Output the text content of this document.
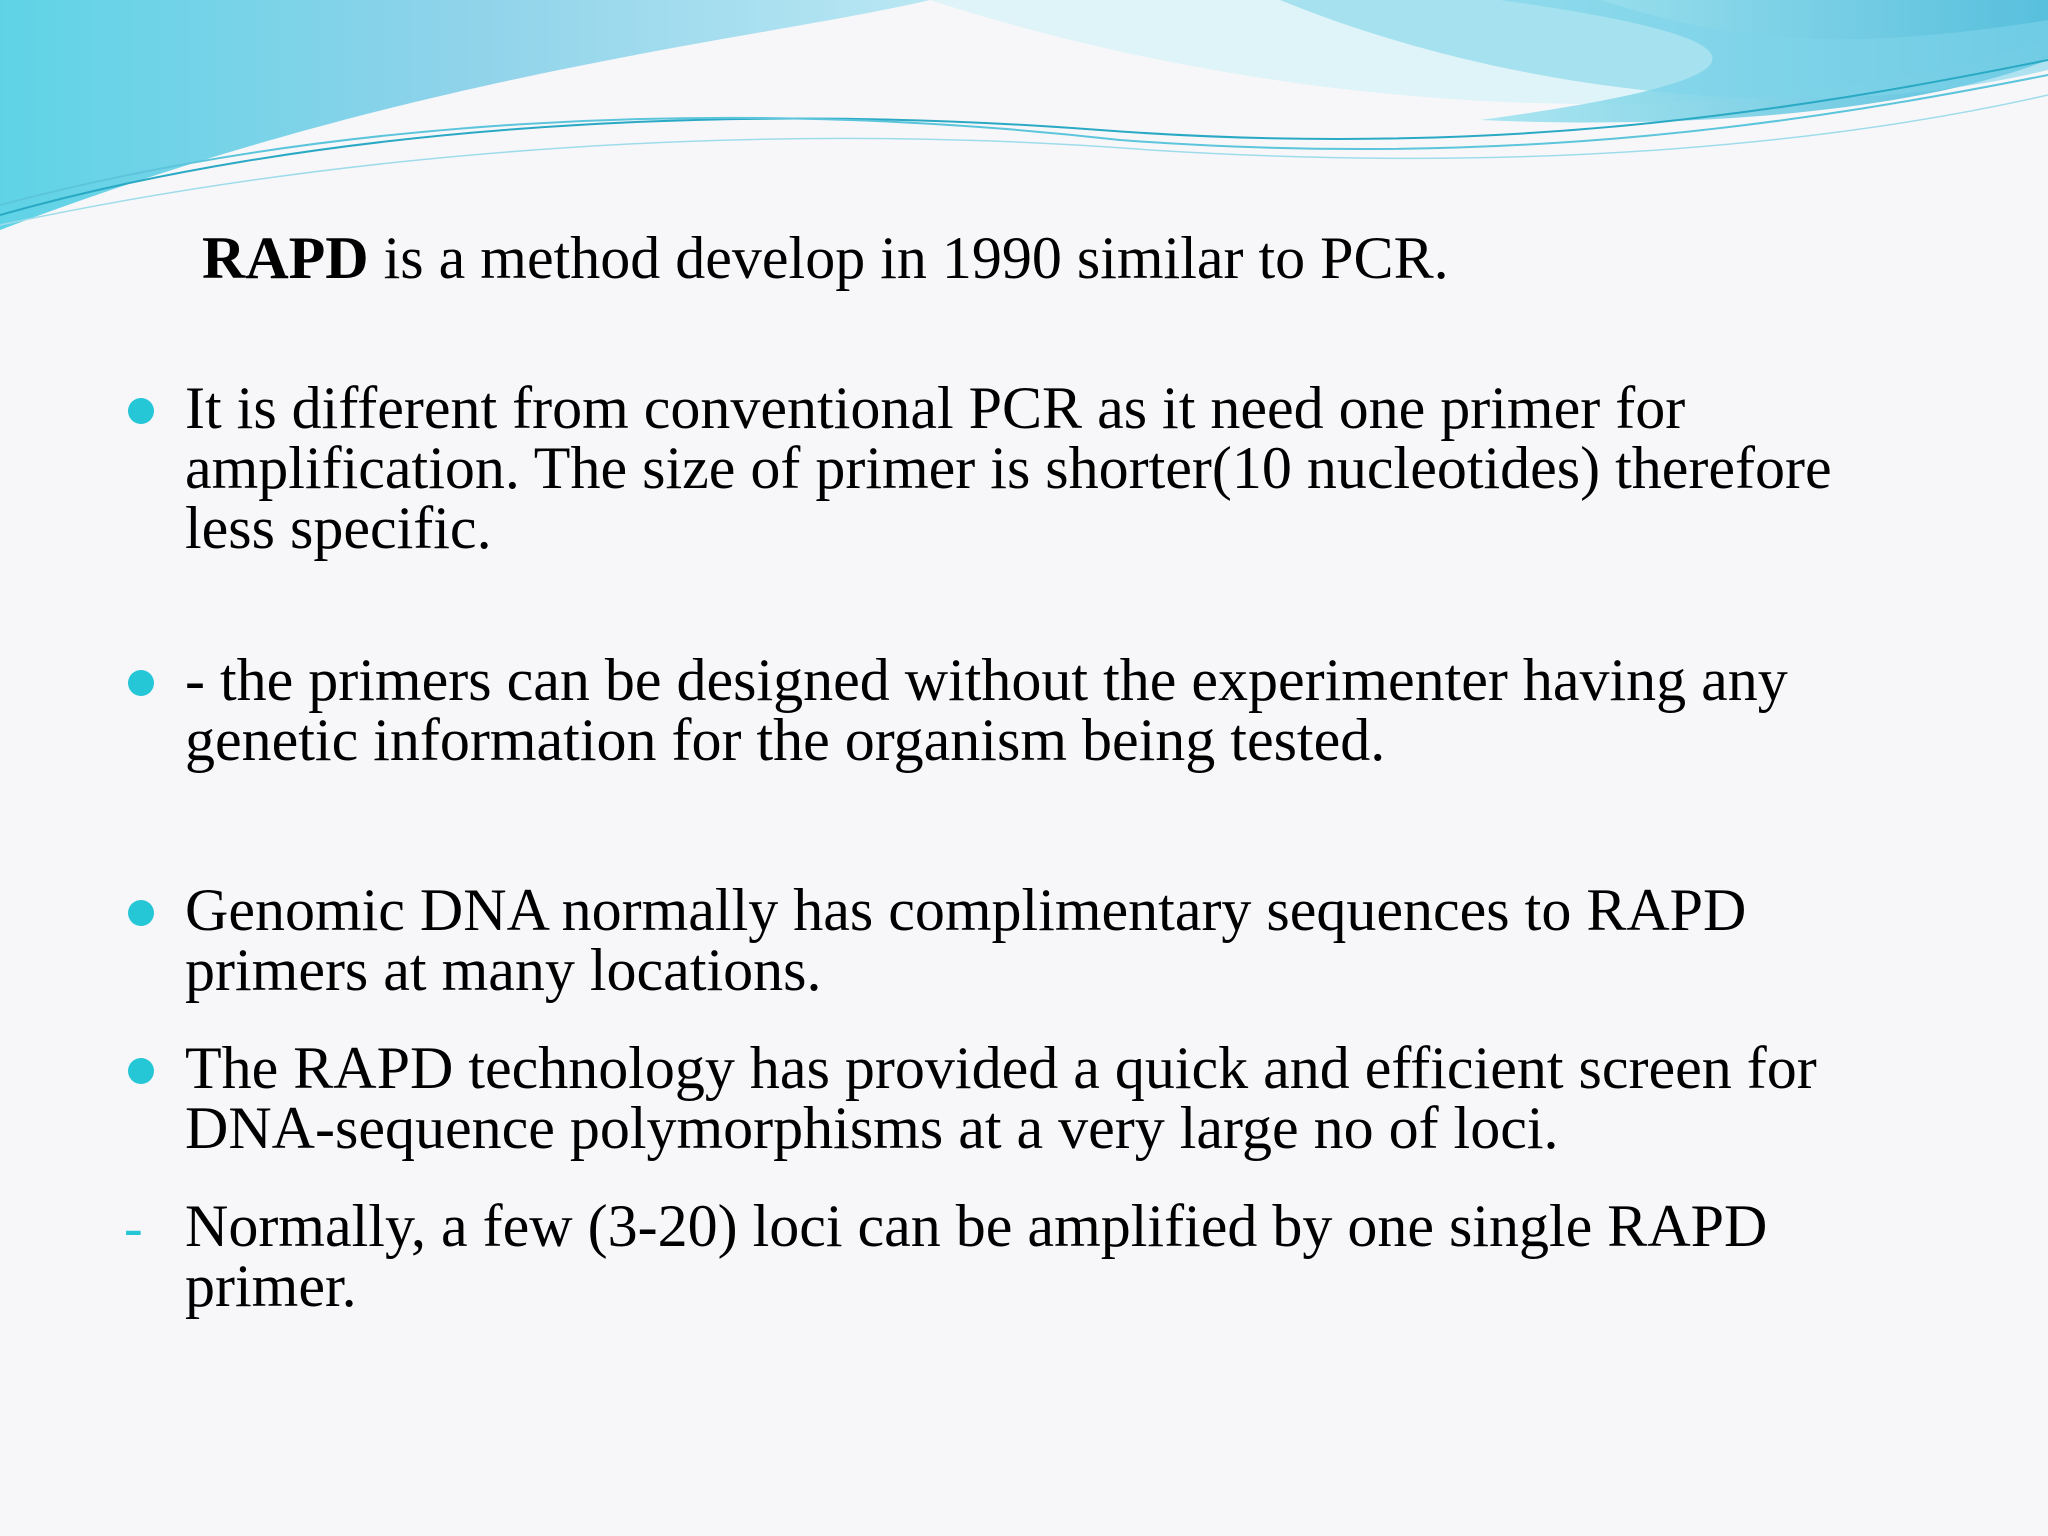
RAPD is a method develop in 1990 similar to PCR.
It is different from conventional PCR as it need one primer for
amplification. The size of primer is shorter(10 nucleotides) therefore
less specific.
- the primers can be designed without the experimenter having any
genetic information for the organism being tested.
Genomic DNA normally has complimentary sequences to RAPD
primers at many locations.
The RAPD technology has provided a quick and efficient screen for
DNA-sequence polymorphisms at a very large no of loci.
- Normally, a few (3-20) loci can be amplified by one single RAPD
primer.
